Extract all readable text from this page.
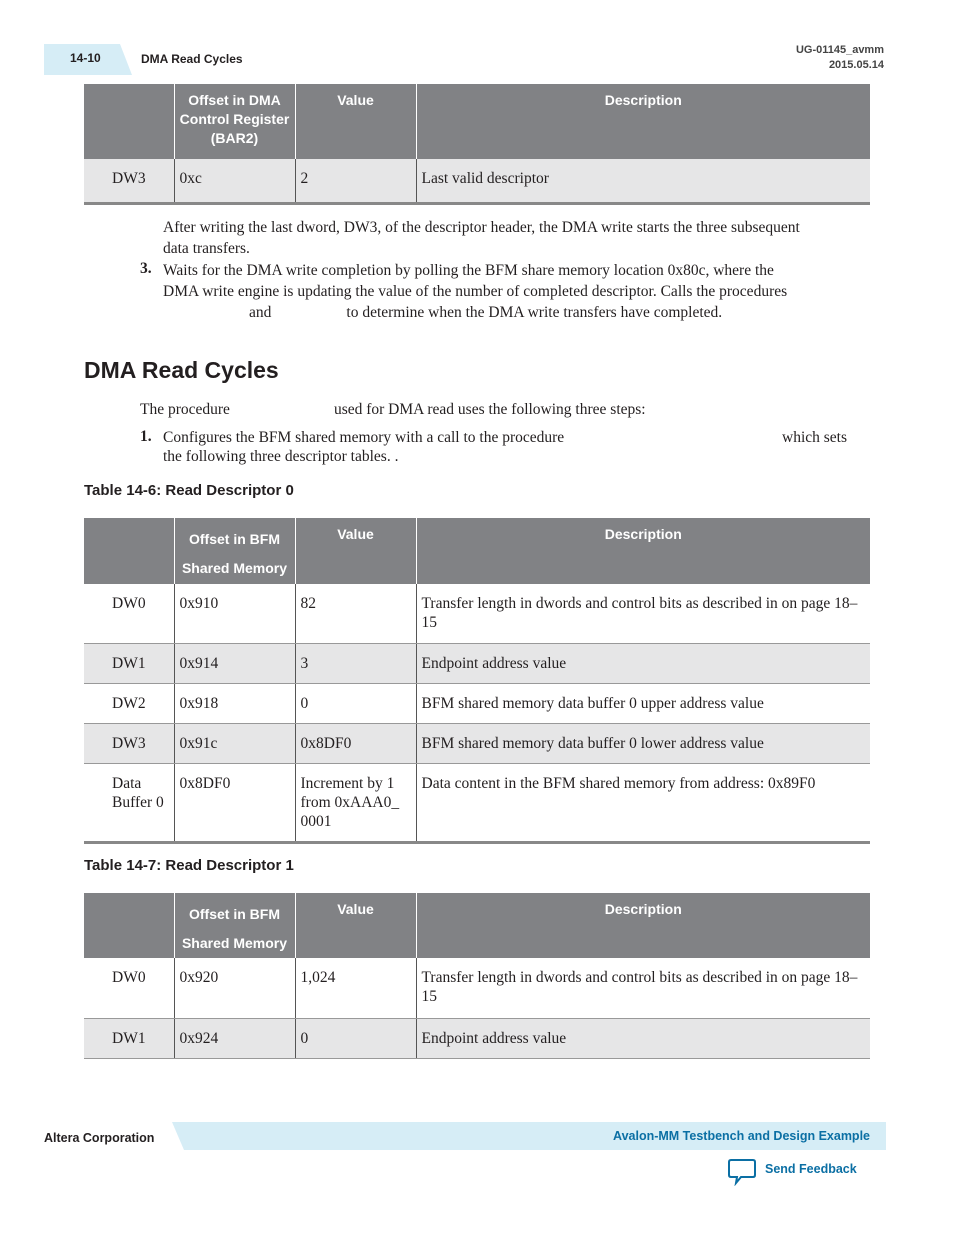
14-10	DMA Read Cycles
UG-01145_avmm
2015.05.14
	Offset in DMA Control Register (BAR2)	Value	Description
DW3	0xc	2	Last valid descriptor
After writing the last dword, DW3, of the descriptor header, the DMA write starts the three subsequent data transfers.
3. Waits for the DMA write completion by polling the BFM share memory location 0x80c, where the
DMA write engine is updating the value of the number of completed descriptor. Calls the procedures
and	to determine when the DMA write transfers have completed.
DMA Read Cycles
The procedure	used for DMA read uses the following three steps:
1. Configures the BFM shared memory with a call to the procedure	which sets
the following three descriptor tables. .
Table 14-6: Read Descriptor 0
	Offset in BFM Shared Memory	Value	Description
DW0	0x910	82	Transfer length in dwords and control bits as described in on page 18–15
DW1	0x914	3	Endpoint address value
DW2	0x918	0	BFM shared memory data buffer 0 upper address value
DW3	0x91c	0x8DF0	BFM shared memory data buffer 0 lower address value
Data Buffer 0	0x8DF0	Increment by 1 from 0xAAA0_ 0001	Data content in the BFM shared memory from address: 0x89F0
Table 14-7: Read Descriptor 1
	Offset in BFM Shared Memory	Value	Description
DW0	0x920	1,024	Transfer length in dwords and control bits as described in on page 18–15
DW1	0x924	0	Endpoint address value
Altera Corporation	Avalon-MM Testbench and Design Example
Send Feedback
